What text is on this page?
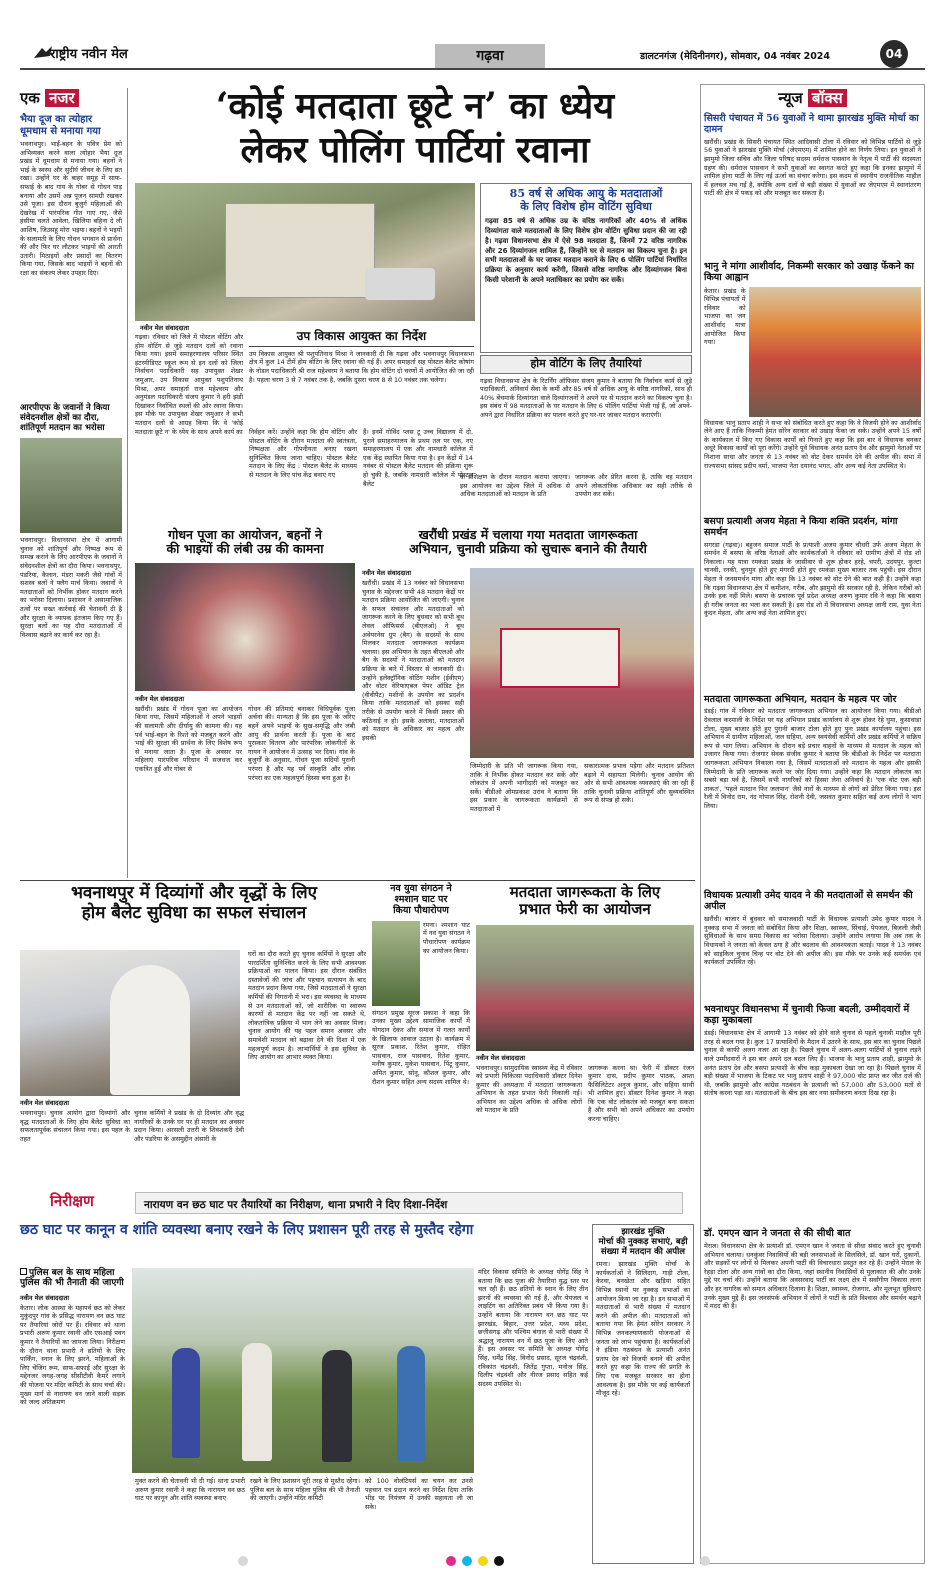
राष्ट्रीय नवीन मेल	गढ़वा	डालटनगंज (मेदिनीनगर), सोमवार, 04 नवंबर 2024	04
एक नजर
भैया दूज का त्योहार धूमधाम से मनाया गया
भवनाथपुर। भाई-बहन के पवित्र प्रेम को अभिव्यक्त करने वाला त्योहार भैया दूज प्रखंड में धूमधाम से मनाया गया। बहनों ने भाई के स्वस्थ और सुदीर्घ जीवन के लिए व्रत रखा। उन्होंने घर के बाहर समूह में साफ-सफाई के बाद गाय के गोबर से गोधन पाड़ बनाया और उसमें अन्न पूजन सामग्री रखकर उसे पूजा। इस दौरान बुजुर्ग महिलाओं की देखरेख में पारंपरिक गीत गाए गए, जैसे हंसीया चलते आवेला, खिलिया बहिना दे ली आशिष, जिउसहू मोरा भइया। बहनों ने भइयों के सलामती के लिए गोधन भगवान से प्रार्थना की और फिर घर लौटकर भाइयों की आरती उतारी। मिठाइयों और प्रसादों का वितरण किया गया, जिसके बाद भाइयों ने बहनों की रक्षा का संकल्प लेकर उपहार दिए।
आरपीएफ के जवानों ने किया संवेदनशील क्षेत्रों का दौरा, शांतिपूर्ण मतदान का भरोसा
भवनाथपुर। विधानसभा क्षेत्र में आगामी चुनाव को शांतिपूर्ण और निष्पक्ष रूप से सम्पन्न कराने के लिए आरपीएफ के जवानों ने संवेदनशील क्षेत्रों का दौरा किया। भवनाथपुर, पंडरिया, कैलान, मंडरा मकरी जैसे गांवों में सशस्त्र बलों ने फ्लैग मार्च किया। जवानों ने मतदाताओं को निर्भीक होकर मतदान करने का भरोसा दिलाया। प्रशासन ने असामाजिक तत्वों पर सख्त कार्रवाई की चेतावनी दी है और सुरक्षा के व्यापक इंतजाम किए गए हैं। सुरक्षा बलों का यह दौरा मतदाताओं में विश्वास बढ़ाने का कार्य कर रहा है।
‘कोई मतदाता छूटे न’ का ध्येय
लेकर पोलिंग पार्टियां रवाना
नवीन मेल संवाददाता
85 वर्ष से अधिक आयु के मतदाताओं
के लिए विशेष होम वोटिंग सुविधा
गढ़वा 85 वर्ष से अधिक उम्र के वरिष्ठ नागरिकों और 40% से अधिक दिव्यांगता वाले मतदाताओं के लिए विशेष होम वोटिंग सुविधा प्रदान की जा रही है। गढ़वा विधानसभा क्षेत्र में ऐसे 98 मतदाता हैं, जिनमें 72 वरिष्ठ नागरिक और 26 दिव्यांगजन शामिल हैं, जिन्होंने घर से मतदान का विकल्प चुना है। इन सभी मतदाताओं के घर जाकर मतदान कराने के लिए 6 पोलिंग पार्टियां निर्धारित प्रक्रिया के अनुसार कार्य करेंगी, जिससे वरिष्ठ नागरिक और दिव्यांगजन बिना किसी परेशानी के अपने मताधिकार का प्रयोग कर सकें।
गढ़वा। रविवार को जिले में पोस्टल वोटिंग और होम वोटिंग से जुड़े मतदान दलों को रवाना किया गया। इसमें समाहरणालय परिसर स्थित इंटरमीडिएट स्कूल रूम से इन दलों को जिला निर्वाचन पदाधिकारी सह उपायुक्त शेखर जमुआर, उप विकास आयुक्त पशुपतिनाथ मिश्रा, अपर समाहर्ता राज महेश्वरम और अनुमंडल पदाधिकारी संजय कुमार ने हरी झंडी दिखाकर निर्वाचित स्थलों की ओर रवाना किया। इस मौके पर उपायुक्त शेखर जमुआर ने सभी मतदान दलों से आग्रह किया कि वे 'कोई मतदाता छूटे न' के ध्येय के साथ अपने कार्य का निर्वहन करें। उन्होंने कहा कि होम वोटिंग और पोस्टल वोटिंग के दौरान मतदाता की स्वतंत्रता, निष्पक्षता और गोपनीयता बनाए रखना सुनिश्चित किया जाना चाहिए। पोस्टल बैलेट मतदान के लिए केंद्र : पोस्टल बैलेट के माध्यम से मतदान के लिए पांच केंद्र बनाए गए
हैं। इनमें गोविंद प्लस टू उच्च विद्यालय में दो, पुराने समाहरणालय के प्रथम तल पर एक, नए समाहरणालय में एक और नामधारी कॉलेज में एक केंद्र स्थापित किया गया है। इन केंद्रों में 14 नवंबर से पोस्टल बैलेट मतदान की प्रक्रिया शुरू हो चुकी है, जबकि नामधारी कॉलेज में पोस्टल बैलेट
उप विकास आयुक्त का निर्देश
उप विकास आयुक्त श्री पशुपतिनाथ मिश्रा ने जानकारी दी कि गढ़वा और भवनाथपुर विधानसभा क्षेत्र में कुल 14 टीमें होम वोटिंग के लिए रवाना की गई हैं। अपर समाहर्ता सह पोस्टल बैलेट कोषांग के नोडल पदाधिकारी श्री राज महेश्वरम ने बताया कि होम वोटिंग दो चरणों में आयोजित की जा रही है। पहला चरण 3 से 7 नवंबर तक है, जबकि दूसरा चरण 8 से 10 नवंबर तक चलेगा।
होम वोटिंग के लिए तैयारियां
गढ़वा विधानसभा क्षेत्र के रिटर्निंग ऑफिसर संजय कुमार ने बताया कि निर्वाचन कार्य से जुड़े पदाधिकारी, अनिवार्य सेवा के कर्मी और 85 वर्ष से अधिक आयु के वरिष्ठ नागरिकों, साथ ही 40% बेंचमार्क दिव्यांगता वाले दिव्यांगजनों ने अपने घर से मतदान करने का विकल्प चुना है। इस संबंध में 98 मतदाताओं के घर मतदान के लिए 6 पोलिंग पार्टियां भेजी गई हैं, जो अपने-अपने द्वारा निर्धारित प्रक्रिया का पालन करते हुए घर-घर जाकर मतदान कराएंगी।
के प्रशिक्षण के दौरान मतदान कराया जाएगा। इस आयोजन का उद्देश्य जिले में अधिक से अधिक मतदाताओं को मतदान के प्रति
जागरूक और प्रेरित करना है, ताकि वह मतदान अपने लोकतांत्रिक अधिकार का सही तरीके से उपयोग कर सकें।
गोधन पूजा का आयोजन, बहनों ने
की भाइयों की लंबी उम्र की कामना
नवीन मेल संवाददाता
खरौंधी। प्रखंड में गोधन पूजा का आयोजन किया गया, जिसमें महिलाओं ने अपने भाइयों की सलामती और दीर्घायु की कामना की। यह पर्व भाई-बहन के रिश्ते को मजबूत करने और भाई की सुरक्षा की प्रार्थना के लिए विशेष रूप से मनाया जाता है। पूजा के अवसर पर महिलाएं पारंपरिक परिधान में सजधज कर एकत्रित हुईं और गोबर से
गोधन की प्रतिमाएं बनाकर विधिपूर्वक पूजा अर्चना की। मान्यता है कि इस पूजा के जरिए बहनें अपने भाइयों के सुख-समृद्धि और लंबी आयु की प्रार्थना करती हैं। पूजा के बाद पुरस्कार वितरण और पारंपरिक लोकगीतों के गायन ने आयोजन में उत्साह भर दिया। गांव के बुजुर्गों के अनुसार, गोधन पूजा सदियों पुरानी परंपरा है और यह पर्व संस्कृति और लोक परंपरा का एक महत्वपूर्ण हिस्सा बना हुआ है।
खरौंधी प्रखंड में चलाया गया मतदाता जागरूकता
अभियान, चुनावी प्रक्रिया को सुचारू बनाने की तैयारी
नवीन मेल संवाददाता
खरौंधी। प्रखंड में 13 नवंबर को विधानसभा चुनाव के मद्देनजर सभी 48 मतदान केंद्रों पर मतदान प्रक्रिया आयोजित की जाएगी। चुनाव के सफल संचालन और मतदाताओं को जागरूक करने के लिए बुधवार को सभी बूथ लेवल ऑफिसर्स (बीएलओ) ने बूथ अवेयरनेस ग्रुप (बैग) के सदस्यों के साथ मिलकर मतदाता जागरूकता कार्यक्रम चलाया। इस अभियान के तहत बीएलओ और बैग के सदस्यों ने मतदाताओं को मतदान प्रक्रिया के बारे में विस्तार से जानकारी दी। उन्होंने इलेक्ट्रॉनिक वोटिंग मशीन (ईवीएम) और वोटर वेरिफाएबल पेपर ऑडिट ट्रेल (वीवीपैट) मशीनों के उपयोग का प्रदर्शन किया ताकि मतदाताओं को इसका सही तरीके से उपयोग करने में किसी प्रकार की कठिनाई न हो। इसके अलावा, मतदाताओं को मतदान के अधिकार का महत्व और इसकी
जिम्मेदारी के प्रति भी जागरूक किया गया, ताकि वे निर्भीक होकर मतदान कर सकें और लोकतंत्र में अपनी भागीदारी को मजबूत कर सकें। बीडीओ ओमप्रकाश उरांव ने बताया कि इस प्रकार के जागरूकता कार्यक्रमों से मतदाताओं में
सकारात्मक प्रभाव पड़ेगा और मतदान प्रतिशत बढ़ाने में सहायता मिलेगी। चुनाव आयोग की ओर से सभी आवश्यक व्यवस्थाएं की जा रही हैं ताकि चुनावी प्रक्रिया शांतिपूर्ण और सुव्यवस्थित रूप से संपन्न हो सके।
भवनाथपुर में दिव्यांगों और वृद्धों के लिए
होम बैलेट सुविधा का सफल संचालन
नवीन मेल संवाददाता
भवनाथपुर। चुनाव आयोग द्वारा दिव्यांगों और वृद्ध मतदाताओं के लिए होम बैलेट सुविधा का सफलतापूर्वक संचालन किया गया। इस पहल के तहत
चुनाव कर्मियों ने प्रखंड के दो दिव्यांग और वृद्ध नागरिकों के उनके घर पर ही मतदान का अवसर प्रदान किया। अरसली उत्तरी के शिवशंकरी देवी और पंडरिया के असमुद्दीन अंसारी के
घरों का दौरा करते हुए चुनाव कर्मियों ने सुरक्षा और पारदर्शिता सुनिश्चित करने के लिए सभी आवश्यक प्रक्रियाओं का पालन किया। इस दौरान संबंधित दस्तावेजों की जांच और पहचान सत्यापन के बाद मतदान प्रदान किया गया, जिसे मतदाताओं ने सुरक्षा कर्मियों की निगरानी में भरा। इस व्यवस्था के माध्यम से उन मतदाताओं को, जो शारीरिक या स्वास्थ्य कारणों से मतदान केंद्र पर नहीं जा सकते थे, लोकतांत्रिक प्रक्रिया में भाग लेने का अवसर मिला। चुनाव आयोग की यह पहल समान अवसर और समावेशी मतदान को बढ़ावा देने की दिशा में एक महत्वपूर्ण कदम है। लाभार्थियों ने इस सुविधा के लिए आयोग का आभार व्यक्त किया।
नव युवा संगठन ने
श्मशान घाट पर
किया पौधारोपण
रमना। श्मशान घाट में नव युवा संगठन ने पौधारोपण कार्यक्रम का आयोजन किया।
संगठन प्रमुख सूरज प्रकाश ने कहा कि उनका मुख्य उद्देश्य सामाजिक कार्यों में योगदान देकर और समाज में गलत कार्यों के खिलाफ आवाज उठाना है। कार्यक्रम में सूरज प्रकाश, रितेश कुमार, रोहित पासवान, राज पासवान, रितेश कुमार, मनीष कुमार, मुकेश पासवान, पिंटू कुमार, अमित कुमार, सोनू, कौशल कुमार, और रौशन कुमार सहित अन्य सदस्य शामिल थे।
मतदाता जागरूकता के लिए
प्रभात फेरी का आयोजन
नवीन मेल संवाददाता
भवनाथपुर। सामुदायिक स्वास्थ्य केंद्र में रविवार को प्रभारी चिकित्सा पदाधिकारी डॉक्टर दिनेश कुमार की अध्यक्षता में मतदाता जागरूकता अभियान के तहत प्रभात फेरी निकाली गई। अभियान का उद्देश्य अधिक से अधिक लोगों को मतदान के प्रति
जागरूक करना था। फेरी में डॉक्टर रंजन कुमार दास, प्रदीप कुमार पाठक, आशा फैसिलिटेटर अनुज कुमार, और सहिया साथी भी शामिल हुए। डॉक्टर दिनेश कुमार ने कहा कि एक वोट लोकतंत्र को मजबूत बना सकता है और सभी को अपने अधिकार का उपयोग करना चाहिए।
निरीक्षण	नारायण वन छठ घाट पर तैयारियों का निरीक्षण, थाना प्रभारी ने दिए दिशा-निर्देश
छठ घाट पर कानून व शांति व्यवस्था बनाए रखने के लिए प्रशासन पूरी तरह से मुस्तैद रहेगा
पुलिस बल के साथ महिला पुलिस की भी तैनाती की जाएगी
नवीन मेल संवाददाता
केतार। लोक आस्था के महापर्व छठ को लेकर मुकुंदपुर गांव के प्रसिद्ध नारायण वन छठ घाट पर तैयारियां जोरों पर हैं। रविवार को थाना प्रभारी अरुण कुमार रवानी और एसआई पवन कुमार ने तैयारियों का जायजा लिया। निरीक्षण के दौरान थाना प्रभारी ने व्रतियों के लिए पार्किंग, स्नान के लिए झरने, महिलाओं के लिए चेंजिंग रूम, साफ-सफाई और सुरक्षा के मद्देनजर जगह-जगह सीसीटीवी कैमरे लगाने की योजना पर मंदिर कमिटी के साथ चर्चा की। मुख्य मार्ग से नारायण वन जाने वाली सड़क को जल्द अतिक्रमण
मुक्त करने की चेतावनी भी दी गई। थाना प्रभारी अरुण कुमार रवानी ने कहा कि नारायण वन छठ घाट पर कानून और शांति व्यवस्था बनाए
रखने के लिए प्रशासन पूरी तरह से मुस्तैद रहेगा। पुलिस बल के साथ महिला पुलिस की भी तैनाती की जाएगी। उन्होंने मंदिर कमिटी
को 100 वोलंटियर्स का चयन कर उनसे पहचान पत्र प्रदान करने का निर्देश दिया ताकि भीड़ पर नियंत्रण में उनकी सहायता ली जा सके।
मंदिर विकास समिति के अध्यक्ष योगेंद्र सिंह ने बताया कि छठ पूजा की तैयारियां युद्ध स्तर पर चल रही हैं। छठ व्रतियों के स्नान के लिए तीन झरनों की व्यवस्था की गई है, और पेयजल व लाइटिंग का अतिरिक्त प्रबंध भी किया गया है। उन्होंने बताया कि नारायण वन छठ घाट पर झारखंड, बिहार, उत्तर प्रदेश, मध्य प्रदेश, छत्तीसगढ़ और पश्चिम बंगाल से भारी संख्या में श्रद्धालु नारायण वन में छठ पूजा के लिए आते हैं। इस अवसर पर समिति के अध्यक्ष योगेंद्र सिंह, धर्मेंद्र सिंह, विनोद प्रसाद, सूरज चंद्रवंशी, रविकांत चंद्रवंशी, जितेंद्र गुप्ता, मनोज सिंह, दिलीप चंद्रवंशी और नीरज प्रसाद सहित कई सदस्य उपस्थित थे।
झारखंड मुक्ति
मोर्चा की नुक्कड़ सभाएं, बड़ी
संख्या में मतदान की अपील
रमना। झारखंड मुक्ति मोर्चा के कार्यकर्ताओं ने सिलिदाग, गाड़ी टोला, केरवा, बनखेता और खड़िया सहित विभिन्न स्थानों पर नुक्कड़ सभाओं का आयोजन किया जा रहा है। इन सभाओं में मतदाताओं से भारी संख्या में मतदान करने की अपील की। मतदाताओं को बताया गया कि हेमंत सोरेन सरकार ने विभिन्न जनकल्याणकारी योजनाओं से जनता को लाभ पहुंचाया है। कार्यकर्ताओं ने इंडिया गठबंधन के प्रत्याशी अनंत प्रताप देव को विजयी बनाने की अपील करते हुए कहा कि राज्य की प्रगति के लिए एक मजबूत सरकार का होना आवश्यक है। इस मौके पर कई कार्यकर्ता मौजूद रहे।
न्यूज बॉक्स
सिसरी पंचायत में 56 युवाओं ने थामा झारखंड मुक्ति मोर्चा का दामन
खरौंधी। प्रखंड के सिसरी पंचायत स्थित आदिवासी टोला में रविवार को विभिन्न पार्टियों से जुड़े 56 युवाओं ने झारखंड मुक्ति मोर्चा (जेएमएम) में शामिल होने का निर्णय लिया। इन युवाओं ने झामुमो जिला सचिव और जिला परिषद सदस्य धर्मराज पासवान के नेतृत्व में पार्टी की सदस्यता ग्रहण की। धर्मराज पासवान ने सभी युवाओं का स्वागत करते हुए कहा कि इनका झामुमो में शामिल होना पार्टी के लिए नई ऊर्जा का संचार करेगा। इस कदम से स्थानीय राजनीतिक माहौल में हलचल मच गई है, क्योंकि अन्य दलों से बड़ी संख्या में युवाओं का जेएमएम में स्थानांतरण पार्टी की क्षेत्र में पकड़ को और मजबूत कर सकता है।
भानु ने मांगा आशीर्वाद, निकम्मी सरकार को उखाड़ फेंकने का किया आह्वान
केतार। प्रखंड के विभिन्न पंचायतों में रविवार को भाजपा का जन आशीर्वाद यात्रा आयोजित किया गया।
विधायक भानु प्रताप शाही ने सभा को संबोधित करते हुए कहा कि वे विजयी होने का आशीर्वाद लेने आए हैं ताकि निकम्मी हेमंत सोरेन सरकार को उखाड़ फेंका जा सके। उन्होंने अपने 15 वर्षों के कार्यकाल में किए गए विकास कार्यों को गिनाते हुए कहा कि इस बार वे विधायक बनकर अधूरे विकास कार्यों को पूरा करेंगे। उन्होंने पूर्व विधायक अनंत प्रताप देव और झामुमो नेताओं पर निशाना साधा और जनता से 13 नवंबर को वोट देकर समर्थन देने की अपील की। सभा में राज्यसभा सांसद प्रदीप वर्मा, भाजपा नेता दयानंद भगत, और अन्य कई नेता उपस्थित थे।
बसपा प्रत्याशी अजय मेहता ने किया शक्ति प्रदर्शन, मांगा समर्थन
सगरडा (गढ़वा)। बहुजन समाज पार्टी के प्रत्याशी अजय कुमार चौधरी उर्फ अजय मेहता के समर्थन में बसपा के वरिष्ठ नेताओं और कार्यकर्ताओं ने रविवार को ग्रामीण क्षेत्रों में रोड शो निकाला। यह यात्रा रमकंडा प्रखंड के जासीवार से शुरू होकर हरहे, चपरी, उदयपुर, कुल्टा चानवी, रनकी, चुनमुन होते हुए मंगरदी होते हुए रमकंडा मुख्य बाजार तक पहुंची। इस दौरान मेहता ने जनसमर्थन मांगा और कहा कि 13 नवंबर को वोट देने की बात कही है। उन्होंने कहा कि गढ़वा विधानसभा क्षेत्र में कमीशन, गरीब, और झामुमो की सरकार रही है, लेकिन गरीबों को उनके हक नहीं मिले। बसपा के प्रचारक पूर्व प्रदेश अध्यक्ष अरुण कुमार रवि ने कहा कि बसपा ही गरीब जनता का भला कर सकती है। इस रोड शो में विधानसभा अध्यक्ष जानी राम, युवा नेता कुंदन मेहता, और अन्य कई नेता शामिल हुए।
मतदाता जागरूकता अभियान, मतदान के महत्व पर जोर
डंडई। गांव में रविवार को मतदाता जागरूकता अभियान का आयोजन किया गया। बीडीओ देवलाल करमाली के निर्देश पर यह अभियान प्रखंड कार्यालय से शुरू होकर रेहे घुमा, कुसावाडा टोला, मुख्य बाजार होते हुए पुरानी बाजार टोला होते हुए पुनः प्रखंड कार्यालय पहुंचा। इस अभियान में ग्रामीण महिलाओं, जल सहिया, अन्य स्वयंसेवी कर्मियों और प्रखंड कर्मियों ने सक्रिय रूप से भाग लिया। अभियान के दौरान बड़े प्रचार वाहनों के माध्यम से मतदान के महत्व को उजागर किया गया। रोजगार सेवक संजीव कुमार ने बताया कि बीडीओ के निर्देश पर मतदाता जागरूकता अभियान निकाला गया है, जिसमें मतदाताओं को मतदान के महत्व और इसकी जिम्मेदारी के प्रति जागरूक करने पर जोर दिया गया। उन्होंने कहा कि मतदान लोकतंत्र का सबसे बड़ा पर्व है, जिसमें सभी नागरिकों को हिस्सा लेना अनिवार्य है। 'एक वोट एक बड़ी ताकत', 'पहले मतदान फिर जलपान' जैसे नारों के माध्यम से लोगों को प्रेरित किया गया। इस रैली में विनोद राम, नंद गोपाल सिंह, रोशनी देवी, जसवंत कुमार सहित कई अन्य लोगों ने भाग लिया।
विधायक प्रत्याशी उमेद यादव ने की मतदाताओं से समर्थन की अपील
खरौंधी। बाजार में बुधवार को समाजवादी पार्टी के विधायक प्रत्याशी उमेद कुमार यादव ने नुक्कड़ सभा में जनता को संबोधित किया और शिक्षा, स्वास्थ्य, सिंचाई, पेयजल, बिजली जैसी सुविधाओं के साथ समग्र विकास का भरोसा दिलाया। उन्होंने आरोप लगाया कि अब तक के विधायकों ने जनता को केवल ठगा है और बदलाव की आवश्यकता बताई। यादव ने 13 नवंबर को साइकिल चुनाव चिन्ह पर वोट देने की अपील की। इस मौके पर उनके कई समर्थक एवं कार्यकर्ता उपस्थित रहे।
भवनाथपुर विधानसभा में चुनावी फिजा बदली, उम्मीदवारों में कड़ा मुकाबला
डंडई। विधानसभा क्षेत्र में आगामी 13 नवंबर को होने वाले चुनाव से पहले चुनावी माहौल पूरी तरह से बदल गया है। कुल 17 प्रत्याशियों के मैदान में उतरने के साथ, इस बार का चुनाव पिछले चुनाव से काफी अलग नजर आ रहा है। पिछले चुनाव में अलग-अलग पार्टियों से चुनाव लड़ने वाले उम्मीदवारों ने इस बार अपने दल बदल लिए हैं। भाजपा के भानु प्रताप शाही, झामुमो के अनंत प्रताप देव और बसपा प्रत्याशी के बीच कड़ा मुकाबला देखा जा रहा है। पिछले चुनाव में बड़ी संख्या में भाजपा के टिकट पर भानु प्रताप शाही ने 97,000 वोट प्राप्त कर जीत दर्ज की थी, जबकि झामुमो और कांग्रेस गठबंधन के प्रत्याशी को 57,000 और 53,000 मतों से संतोष करना पड़ा था। मतदाताओं के बीच इस बार नया समीकरण बनता दिख रहा है।
डॉ. एमएन खान ने जनता से की सीधी बात
मेराल। विधानसभा क्षेत्र के प्रत्याशी डॉ. एमएन खान ने जनता से सीधा संवाद करते हुए चुनावी अभियान चलाया। धनकुंवर निवासियों की बड़ी जनसभाओं के सिलसिले, डॉ. खान घरों, दुकानों, और सड़कों पर लोगों से मिलकर अपनी पार्टी की विचारधारा प्रस्तुत कर रहे हैं। उन्होंने मेराल के रेहड़ा टोला और अन्य गांवों का दौरा किया, जहां स्थानीय निवासियों से मुलाकात की और उनके मुद्दे पर चर्चा की। उन्होंने बताया कि अवसरवाद पार्टी का लक्ष्य क्षेत्र में सर्वांगीण विकास लाना और हर नागरिक को समान अधिकार दिलाना है। शिक्षा, स्वास्थ्य, रोजगार, और मूलभूत सुविधाएं उनके मुख्य मुद्दे हैं। इस जनसंपर्क अभियान में लोगों ने पार्टी के प्रति विश्वास और समर्थन बढ़ाने में मदद की है।
